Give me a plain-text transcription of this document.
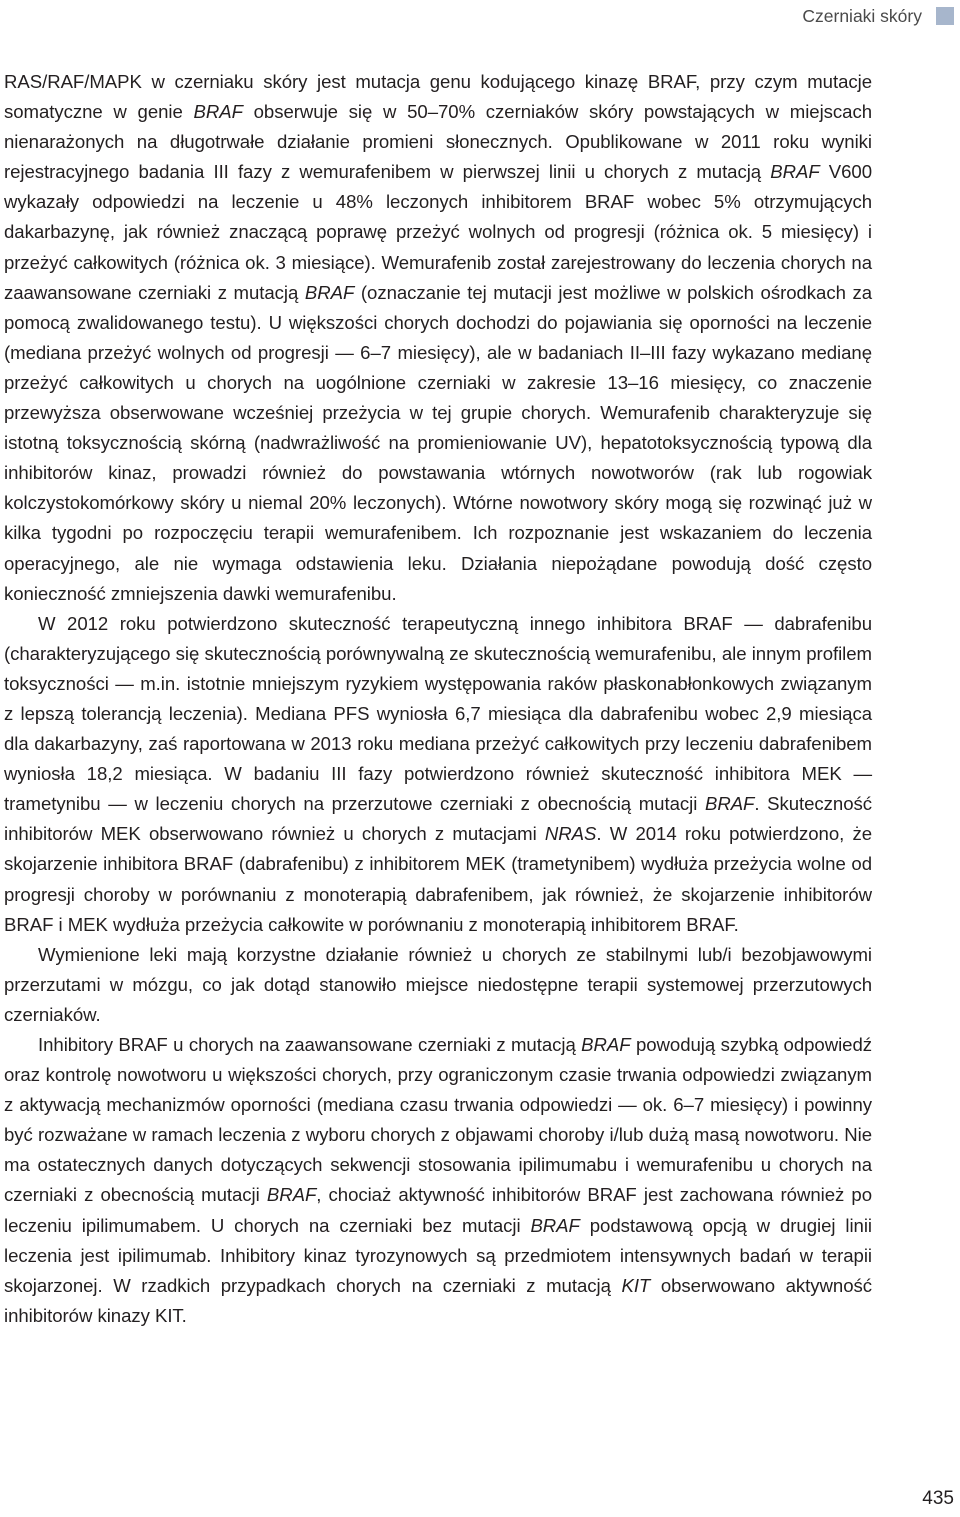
Czerniaki skóry

RAS/RAF/MAPK w czerniaku skóry jest mutacja genu kodującego kinazę BRAF, przy czym mutacje somatyczne w genie BRAF obserwuje się w 50–70% czerniaków skóry powstających w miejscach nienarażonych na długotrwałe działanie promieni słonecznych. Opublikowane w 2011 roku wyniki rejestracyjnego badania III fazy z wemurafenibem w pierwszej linii u chorych z mutacją BRAF V600 wykazały odpowiedzi na leczenie u 48% leczonych inhibitorem BRAF wobec 5% otrzymujących dakarbazynę, jak również znaczącą poprawę przeżyć wolnych od progresji (różnica ok. 5 miesięcy) i przeżyć całkowitych (różnica ok. 3 miesiące). Wemurafenib został zarejestrowany do leczenia chorych na zaawansowane czerniaki z mutacją BRAF (oznaczanie tej mutacji jest możliwe w polskich ośrodkach za pomocą zwalidowanego testu). U większości chorych dochodzi do pojawiania się oporności na leczenie (mediana przeżyć wolnych od progresji — 6–7 miesięcy), ale w badaniach II–III fazy wykazano medianę przeżyć całkowitych u chorych na uogólnione czerniaki w zakresie 13–16 miesięcy, co znaczenie przewyższa obserwowane wcześniej przeżycia w tej grupie chorych. Wemurafenib charakteryzuje się istotną toksycznością skórną (nadwrażliwość na promieniowanie UV), hepatotoksycznością typową dla inhibitorów kinaz, prowadzi również do powstawania wtórnych nowotworów (rak lub rogowiak kolczystokomórkowy skóry u niemal 20% leczonych). Wtórne nowotwory skóry mogą się rozwinąć już w kilka tygodni po rozpoczęciu terapii wemurafenibem. Ich rozpoznanie jest wskazaniem do leczenia operacyjnego, ale nie wymaga odstawienia leku. Działania niepożądane powodują dość często konieczność zmniejszenia dawki wemurafenibu.

W 2012 roku potwierdzono skuteczność terapeutyczną innego inhibitora BRAF — dabrafenibu (charakteryzującego się skutecznością porównywalną ze skutecznością wemurafenibu, ale innym profilem toksyczności — m.in. istotnie mniejszym ryzykiem występowania raków płaskonabłonkowych związanym z lepszą tolerancją leczenia). Mediana PFS wyniosła 6,7 miesiąca dla dabrafenibu wobec 2,9 miesiąca dla dakarbazyny, zaś raportowana w 2013 roku mediana przeżyć całkowitych przy leczeniu dabrafenibem wyniosła 18,2 miesiąca. W badaniu III fazy potwierdzono również skuteczność inhibitora MEK — trametynibu — w leczeniu chorych na przerzutowe czerniaki z obecnością mutacji BRAF. Skuteczność inhibitorów MEK obserwowano również u chorych z mutacjami NRAS. W 2014 roku potwierdzono, że skojarzenie inhibitora BRAF (dabrafenibu) z inhibitorem MEK (trametynibem) wydłuża przeżycia wolne od progresji choroby w porównaniu z monoterapią dabrafenibem, jak również, że skojarzenie inhibitorów BRAF i MEK wydłuża przeżycia całkowite w porównaniu z monoterapią inhibitorem BRAF.

Wymienione leki mają korzystne działanie również u chorych ze stabilnymi lub/i bezobjawowymi przerzutami w mózgu, co jak dotąd stanowiło miejsce niedostępne terapii systemowej przerzutowych czerniaków.

Inhibitory BRAF u chorych na zaawansowane czerniaki z mutacją BRAF powodują szybką odpowiedź oraz kontrolę nowotworu u większości chorych, przy ograniczonym czasie trwania odpowiedzi związanym z aktywacją mechanizmów oporności (mediana czasu trwania odpowiedzi — ok. 6–7 miesięcy) i powinny być rozważane w ramach leczenia z wyboru chorych z objawami choroby i/lub dużą masą nowotworu. Nie ma ostatecznych danych dotyczących sekwencji stosowania ipilimumabu i wemurafenibu u chorych na czerniaki z obecnością mutacji BRAF, chociaż aktywność inhibitorów BRAF jest zachowana również po leczeniu ipilimumabem. U chorych na czerniaki bez mutacji BRAF podstawową opcją w drugiej linii leczenia jest ipilimumab. Inhibitory kinaz tyrozynowych są przedmiotem intensywnych badań w terapii skojarzonej. W rzadkich przypadkach chorych na czerniaki z mutacją KIT obserwowano aktywność inhibitorów kinazy KIT.

435
